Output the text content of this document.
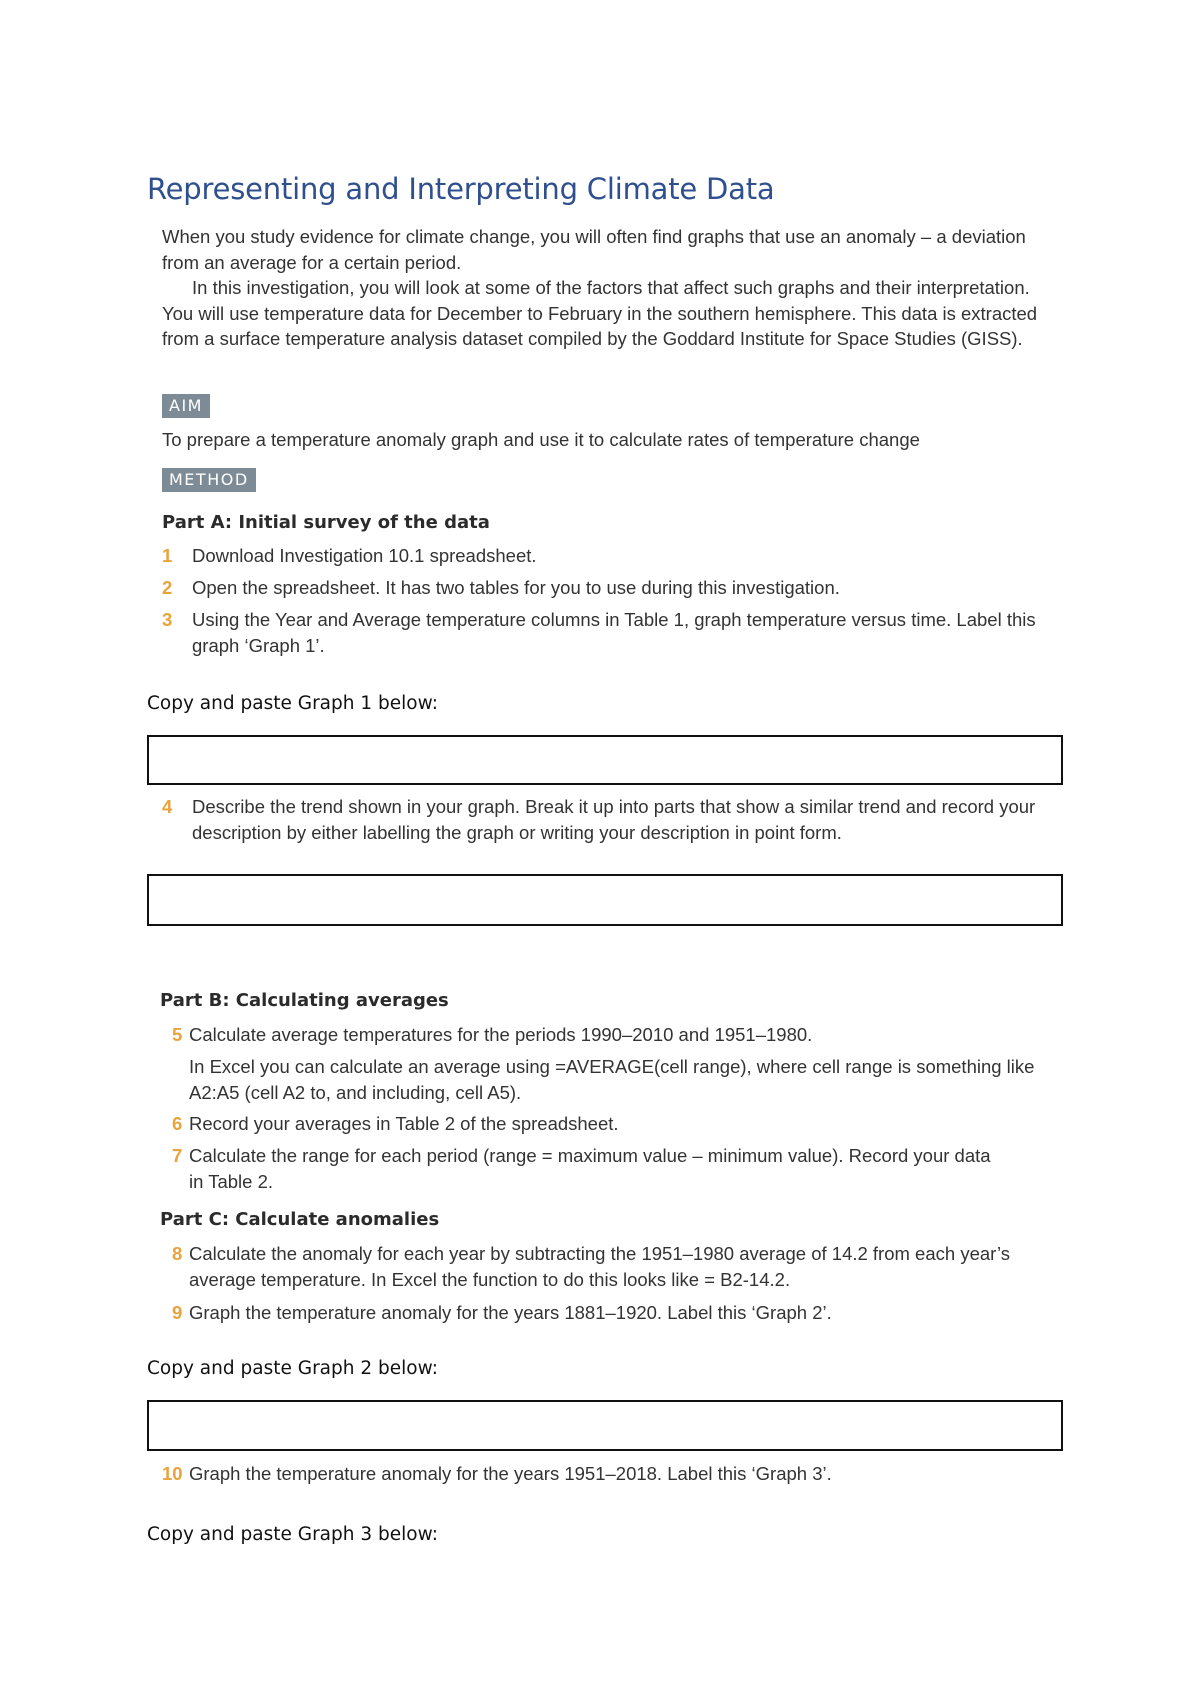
Representing and Interpreting Climate Data
When you study evidence for climate change, you will often find graphs that use an anomaly – a deviation from an average for a certain period.
In this investigation, you will look at some of the factors that affect such graphs and their interpretation. You will use temperature data for December to February in the southern hemisphere. This data is extracted from a surface temperature analysis dataset compiled by the Goddard Institute for Space Studies (GISS).
AIM
To prepare a temperature anomaly graph and use it to calculate rates of temperature change
METHOD
Part A: Initial survey of the data
1 Download Investigation 10.1 spreadsheet.
2 Open the spreadsheet. It has two tables for you to use during this investigation.
3 Using the Year and Average temperature columns in Table 1, graph temperature versus time. Label this graph ‘Graph 1’.
Copy and paste Graph 1 below:
4 Describe the trend shown in your graph. Break it up into parts that show a similar trend and record your description by either labelling the graph or writing your description in point form.
Part B: Calculating averages
5 Calculate average temperatures for the periods 1990–2010 and 1951–1980.
In Excel you can calculate an average using =AVERAGE(cell range), where cell range is something like A2:A5 (cell A2 to, and including, cell A5).
6 Record your averages in Table 2 of the spreadsheet.
7 Calculate the range for each period (range = maximum value – minimum value). Record your data in Table 2.
Part C: Calculate anomalies
8 Calculate the anomaly for each year by subtracting the 1951–1980 average of 14.2 from each year’s average temperature. In Excel the function to do this looks like = B2-14.2.
9 Graph the temperature anomaly for the years 1881–1920. Label this ‘Graph 2’.
Copy and paste Graph 2 below:
10 Graph the temperature anomaly for the years 1951–2018. Label this ‘Graph 3’.
Copy and paste Graph 3 below:
